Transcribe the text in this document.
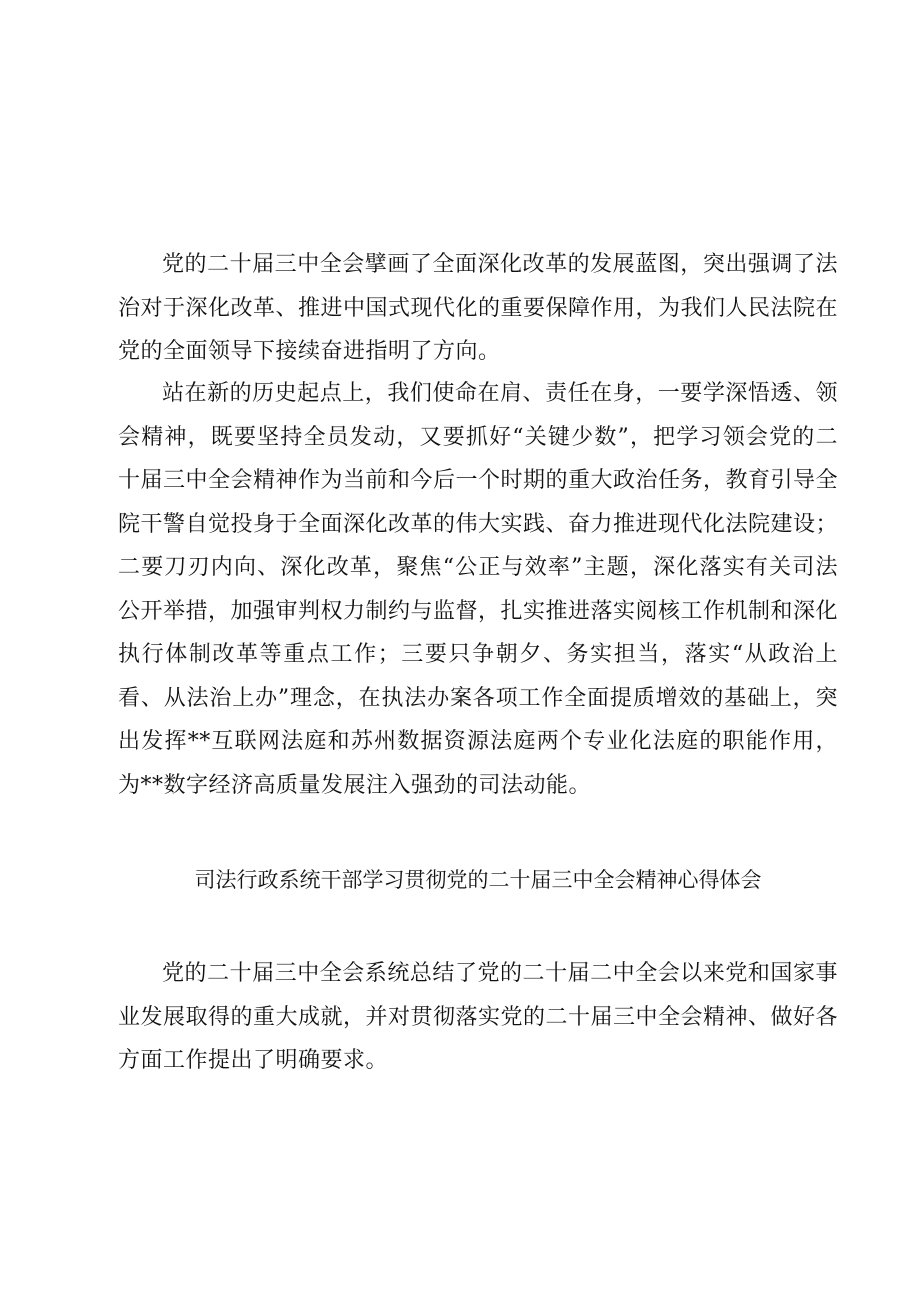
党的二十届三中全会擘画了全面深化改革的发展蓝图，突出强调了法治对于深化改革、推进中国式现代化的重要保障作用，为我们人民法院在党的全面领导下接续奋进指明了方向。

站在新的历史起点上，我们使命在肩、责任在身，一要学深悟透、领会精神，既要坚持全员发动，又要抓好“关键少数”，把学习领会党的二十届三中全会精神作为当前和今后一个时期的重大政治任务，教育引导全院干警自觉投身于全面深化改革的伟大实践、奋力推进现代化法院建设；二要刀刃内向、深化改革，聚焦“公正与效率”主题，深化落实有关司法公开举措，加强审判权力制约与监督，扎实推进落实阅核工作机制和深化执行体制改革等重点工作；三要只争朝夕、务实担当，落实“从政治上看、从法治上办”理念，在执法办案各项工作全面提质增效的基础上，突出发挥**互联网法庭和苏州数据资源法庭两个专业化法庭的职能作用，为**数字经济高质量发展注入强劲的司法动能。

司法行政系统干部学习贯彻党的二十届三中全会精神心得体会

党的二十届三中全会系统总结了党的二十届二中全会以来党和国家事业发展取得的重大成就，并对贯彻落实党的二十届三中全会精神、做好各方面工作提出了明确要求。
